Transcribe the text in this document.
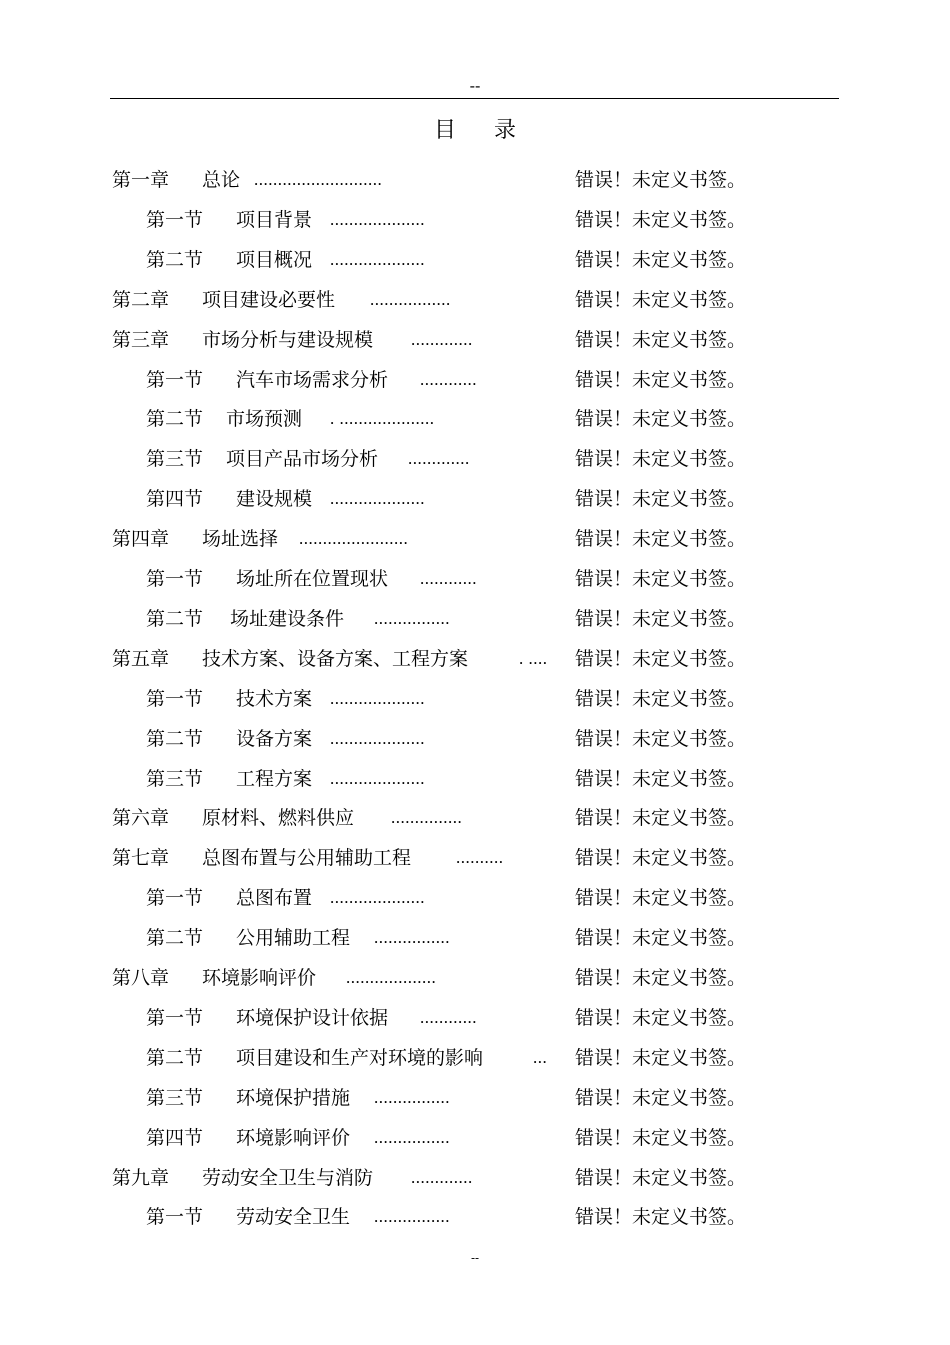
--
目录
第一章 总论 ...........................	错误！未定义书签。
第一节 项目背景 ....................	错误！未定义书签。
第二节 项目概况 ....................	错误！未定义书签。
第二章 项目建设必要性 .................	错误！未定义书签。
第三章 市场分析与建设规模 .............	错误！未定义书签。
第一节 汽车市场需求分析 ............	错误！未定义书签。
第二节 市场预测 . ....................	错误！未定义书签。
第三节 项目产品市场分析 .............	错误！未定义书签。
第四节 建设规模 ....................	错误！未定义书签。
第四章 场址选择 .......................	错误！未定义书签。
第一节 场址所在位置现状 ............	错误！未定义书签。
第二节 场址建设条件 ................	错误！未定义书签。
第五章 技术方案、设备方案、工程方案	. .... 错误！未定义书签。
第一节 技术方案 ....................	错误！未定义书签。
第二节 设备方案 ....................	错误！未定义书签。
第三节 工程方案 ....................	错误！未定义书签。
第六章 原材料、燃料供应 ...............	错误！未定义书签。
第七章 总图布置与公用辅助工程	..........	错误！未定义书签。
第一节 总图布置 ....................	错误！未定义书签。
第二节 公用辅助工程 ................	错误！未定义书签。
第八章 环境影响评价 ...................	错误！未定义书签。
第一节 环境保护设计依据 ............	错误！未定义书签。
第二节 项目建设和生产对环境的影响	... 错误！未定义书签。
第三节 环境保护措施 ................	错误！未定义书签。
第四节 环境影响评价 ................	错误！未定义书签。
第九章 劳动安全卫生与消防 .............	错误！未定义书签。
第一节 劳动安全卫生 ................	错误！未定义书签。
--
